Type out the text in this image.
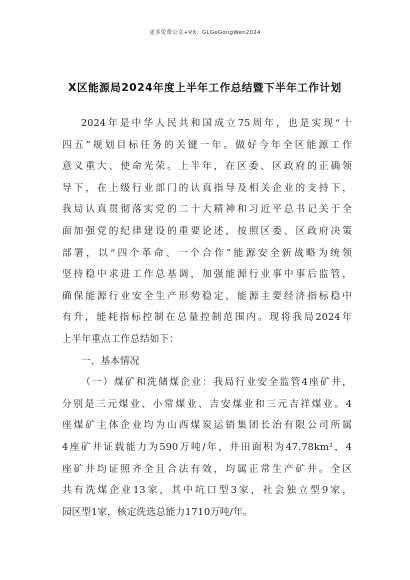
更多免费公文+VX：GLGeGongWen2024
X区能源局2024年度上半年工作总结暨下半年工作计划
2024年是中华人民共和国成立75周年，也是实现“十
四五”规划目标任务的关键一年。做好今年全区能源工作
意义重大、使命光荣。上半年，在区委、区政府的正确领
导下，在上级行业部门的认真指导及相关企业的支持下，
我局认真贯彻落实党的二十大精神和习近平总书记关于全
面加强党的纪律建设的重要论述，按照区委、区政府决策
部署，以“四个革命、一个合作”能源安全新战略为统领
坚持稳中求进工作总基调，加强能源行业事中事后监管，
确保能源行业安全生产形势稳定，能源主要经济指标稳中
有升，能耗指标控制在总量控制范围内。现将我局2024年
上半年重点工作总结如下：
一、基本情况
（一）煤矿和洗储煤企业：我局行业安全监管4座矿井，
分别是三元煤业、小常煤业、吉安煤业和三元吉祥煤业。4
座煤矿主体企业均为山西煤炭运销集团长治有限公司所属
4座矿井证载能力为590万吨/年，井田面积为47.78km²，4
座矿井均证照齐全且合法有效，均属正常生产矿井。全区
共有洗煤企业13家，其中坑口型3家，社会独立型9家，
园区型1家，核定洗选总能力1710万吨/年。
